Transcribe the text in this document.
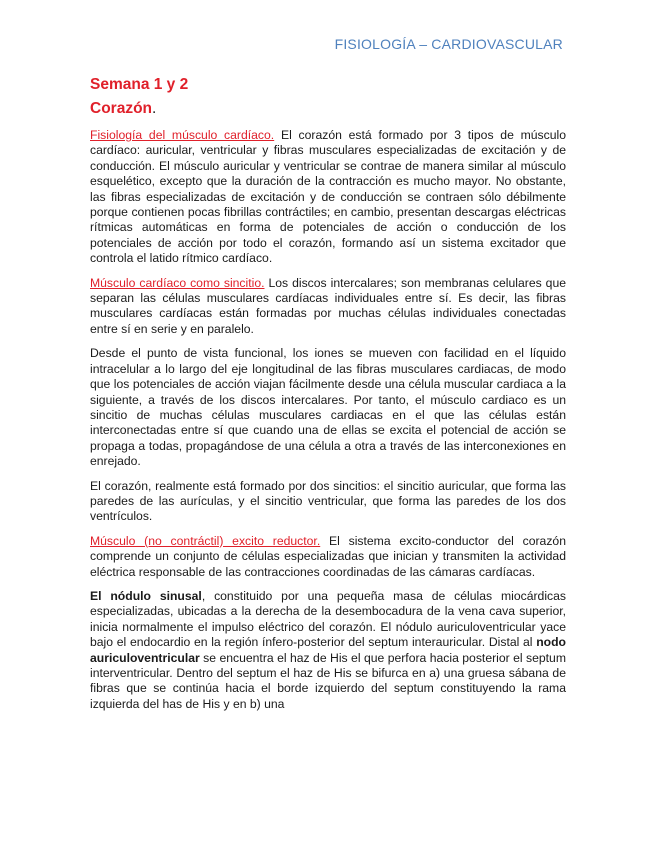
FISIOLOGÍA – CARDIOVASCULAR
Semana 1 y 2
Corazón.

Fisiología del músculo cardíaco. El corazón está formado por 3 tipos de músculo cardíaco: auricular, ventricular y fibras musculares especializadas de excitación y de conducción. El músculo auricular y ventricular se contrae de manera similar al músculo esquelético, excepto que la duración de la contracción es mucho mayor. No obstante, las fibras especializadas de excitación y de conducción se contraen sólo débilmente porque contienen pocas fibrillas contráctiles; en cambio, presentan descargas eléctricas rítmicas automáticas en forma de potenciales de acción o conducción de los potenciales de acción por todo el corazón, formando así un sistema excitador que controla el latido rítmico cardíaco.

Músculo cardíaco como sincitio. Los discos intercalares; son membranas celulares que separan las células musculares cardíacas individuales entre sí. Es decir, las fibras musculares cardíacas están formadas por muchas células individuales conectadas entre sí en serie y en paralelo.

Desde el punto de vista funcional, los iones se mueven con facilidad en el líquido intracelular a lo largo del eje longitudinal de las fibras musculares cardiacas, de modo que los potenciales de acción viajan fácilmente desde una célula muscular cardiaca a la siguiente, a través de los discos intercalares. Por tanto, el músculo cardiaco es un sincitio de muchas células musculares cardiacas en el que las células están interconectadas entre sí que cuando una de ellas se excita el potencial de acción se propaga a todas, propagándose de una célula a otra a través de las interconexiones en enrejado.

El corazón, realmente está formado por dos sincitios: el sincitio auricular, que forma las paredes de las aurículas, y el sincitio ventricular, que forma las paredes de los dos ventrículos.

Músculo (no contráctil) excito reductor. El sistema excito-conductor del corazón comprende un conjunto de células especializadas que inician y transmiten la actividad eléctrica responsable de las contracciones coordinadas de las cámaras cardíacas.

El nódulo sinusal, constituido por una pequeña masa de células miocárdicas especializadas, ubicadas a la derecha de la desembocadura de la vena cava superior, inicia normalmente el impulso eléctrico del corazón. El nódulo auriculoventricular yace bajo el endocardio en la región ínfero-posterior del septum interauricular. Distal al nodo auriculoventricular se encuentra el haz de His el que perfora hacia posterior el septum interventricular. Dentro del septum el haz de His se bifurca en a) una gruesa sábana de fibras que se continúa hacia el borde izquierdo del septum constituyendo la rama izquierda del has de His y en b) una
